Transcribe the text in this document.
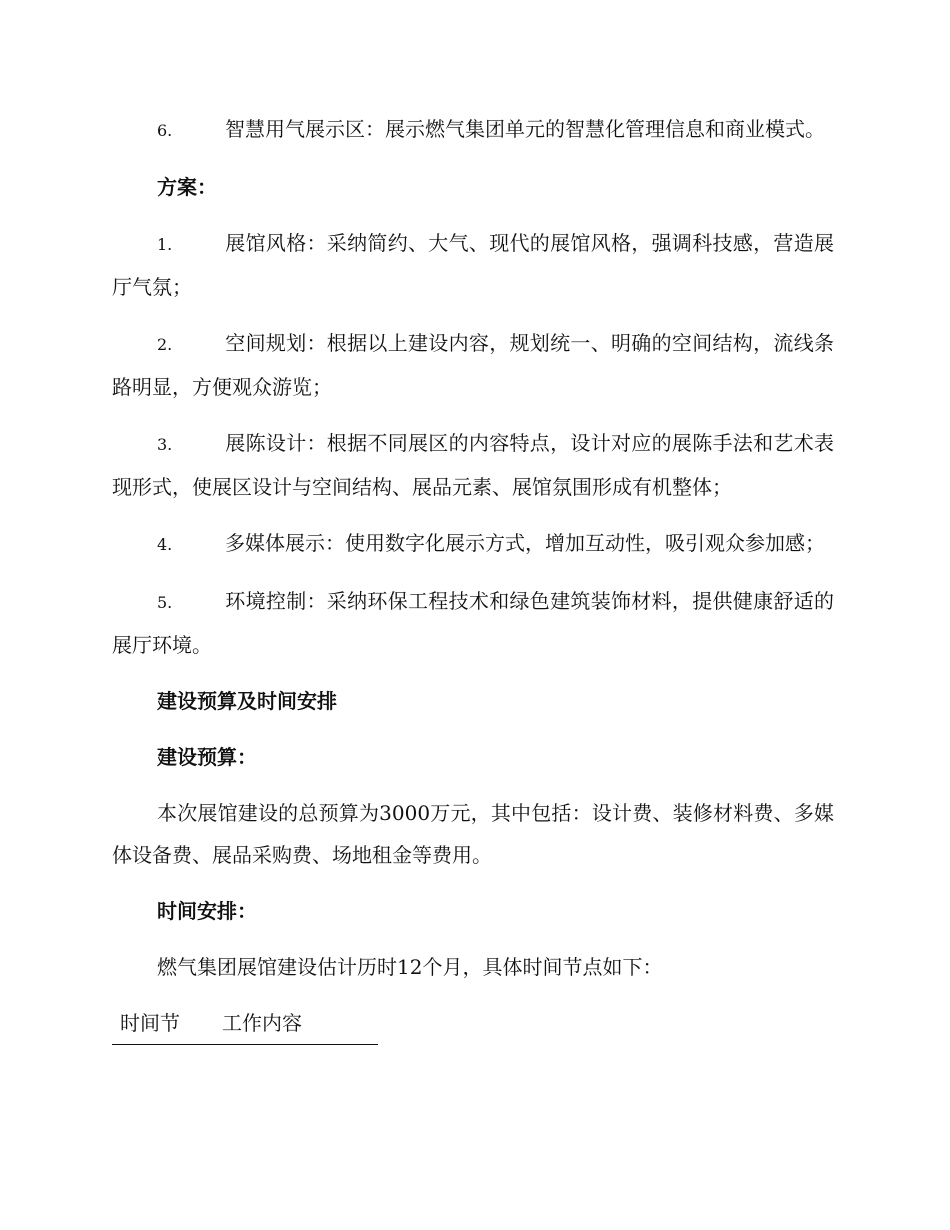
6.	智慧用气展示区：展示燃气集团单元的智慧化管理信息和商业模式。

方案：

1.	展馆风格：采纳简约、大气、现代的展馆风格，强调科技感，营造展厅气氛；

2.	空间规划：根据以上建设内容，规划统一、明确的空间结构，流线条路明显，方便观众游览；

3.	展陈设计：根据不同展区的内容特点，设计对应的展陈手法和艺术表现形式，使展区设计与空间结构、展品元素、展馆氛围形成有机整体；

4.	多媒体展示：使用数字化展示方式，增加互动性，吸引观众参加感；

5.	环境控制：采纳环保工程技术和绿色建筑装饰材料，提供健康舒适的展厅环境。

建设预算及时间安排

建设预算：

本次展馆建设的总预算为3000万元，其中包括：设计费、装修材料费、多媒体设备费、展品采购费、场地租金等费用。

时间安排：

燃气集团展馆建设估计历时12个月，具体时间节点如下：

时间节	工作内容
